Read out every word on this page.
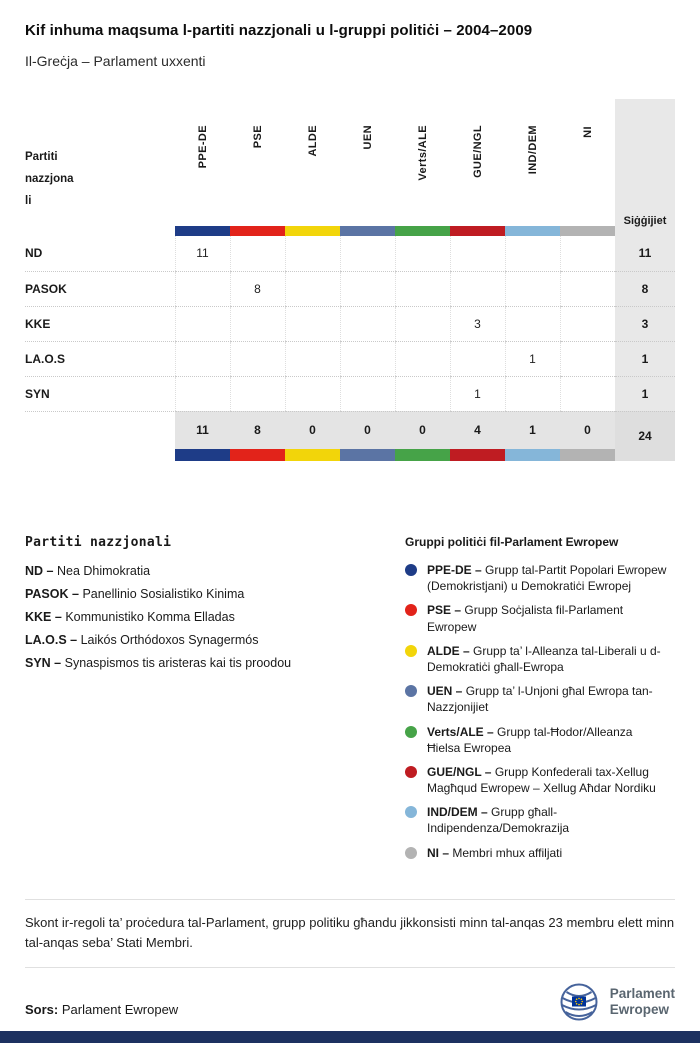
Kif inhuma maqsuma l-partiti nazzjonali u l-gruppi politiċi – 2004–2009
Il-Greċja – Parlament uxxenti
Partiti
nazzjona
li	PPE-DE	PSE	ALDE	UEN	Verts/ALE	GUE/NGL	IND/DEM	NI	Siġġijiet

ND	11								11
PASOK		8							8
KKE						3			3
LA.O.S							1		1
SYN						1			1
	11	8	0	0	0	4	1	0	24

Partiti nazzjonali
ND – Nea Dhimokratia
PASOK – Panellinio Sosialistiko Kinima
KKE – Kommunistiko Komma Elladas
LA.O.S – Laikós Orthódoxos Synagermós
SYN – Synaspismos tis aristeras kai tis proodou
Gruppi politiċi fil-Parlament Ewropew
PPE-DE – Grupp tal-Partit Popolari Ewropew (Demokristjani) u Demokratiċi Ewropej
PSE – Grupp Soċjalista fil-Parlament Ewropew
ALDE – Grupp ta’ l-Alleanza tal-Liberali u d-Demokratiċi għall-Ewropa
UEN – Grupp ta’ l-Unjoni għal Ewropa tan-Nazzjonijiet
Verts/ALE – Grupp tal-Ħodor/Alleanza Ħielsa Ewropea
GUE/NGL – Grupp Konfederali tax-Xellug Magħqud Ewropew – Xellug Aħdar Nordiku
IND/DEM – Grupp għall-Indipendenza/Demokrazija
NI – Membri mhux affiljati
Skont ir-regoli ta’ proċedura tal-Parlament, grupp politiku għandu jikkonsisti minn tal-anqas 23 membru elett minn tal-anqas seba’ Stati Membri.
Sors: Parlament Ewropew
Parlament
Ewropew
